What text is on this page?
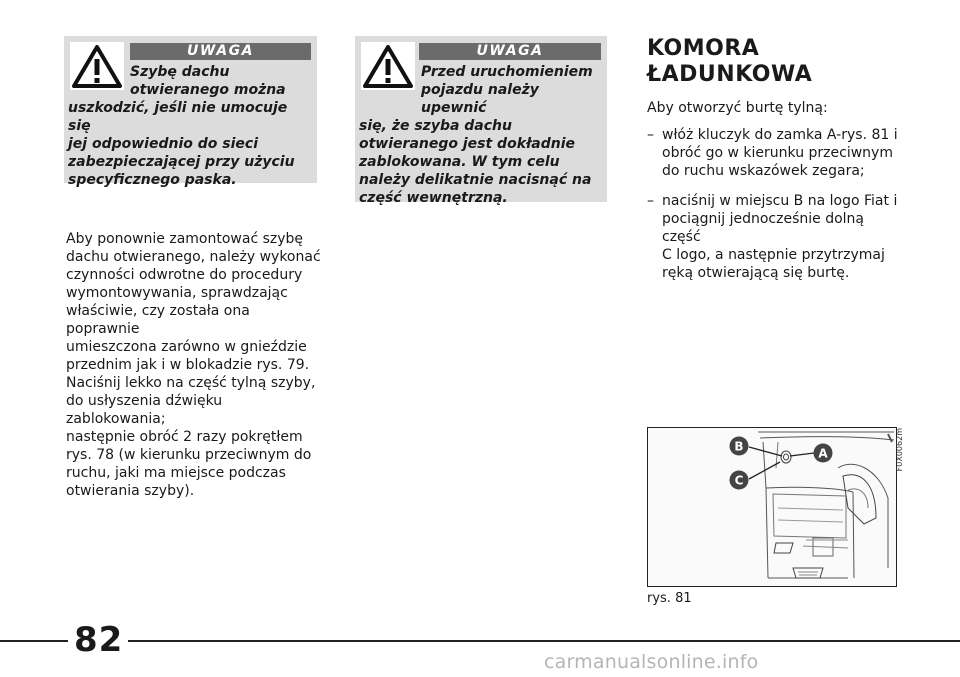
UWAGA

Szybę dachu
otwieranego można
uszkodzić, jeśli nie umocuje się
jej odpowiednio do sieci
zabezpieczającej przy użyciu
specyficznego paska.

UWAGA

Przed uruchomieniem
pojazdu należy upewnić
się, że szyba dachu
otwieranego jest dokładnie
zablokowana. W tym celu
należy delikatnie nacisnąć na
część wewnętrzną.

Aby ponownie zamontować szybę
dachu otwieranego, należy wykonać
czynności odwrotne do procedury
wymontowywania, sprawdzając
właściwie, czy została ona poprawnie
umieszczona zarówno w gnieździe
przednim jak i w blokadzie rys. 79.
Naciśnij lekko na część tylną szyby,
do usłyszenia dźwięku zablokowania;
następnie obróć 2 razy pokrętłem
rys. 78 (w kierunku przeciwnym do
ruchu, jaki ma miejsce podczas
otwierania szyby).

KOMORA
ŁADUNKOWA

Aby otworzyć burtę tylną:

– włóż kluczyk do zamka A-rys. 81 i
obróć go w kierunku przeciwnym
do ruchu wskazówek zegara;
– naciśnij w miejscu B na logo Fiat i
pociągnij jednocześnie dolną część
C logo, a następnie przytrzymaj
ręką otwierającą się burtę.
B	A
C
F0X0062m
rys. 81
82
carmanualsonline.info
